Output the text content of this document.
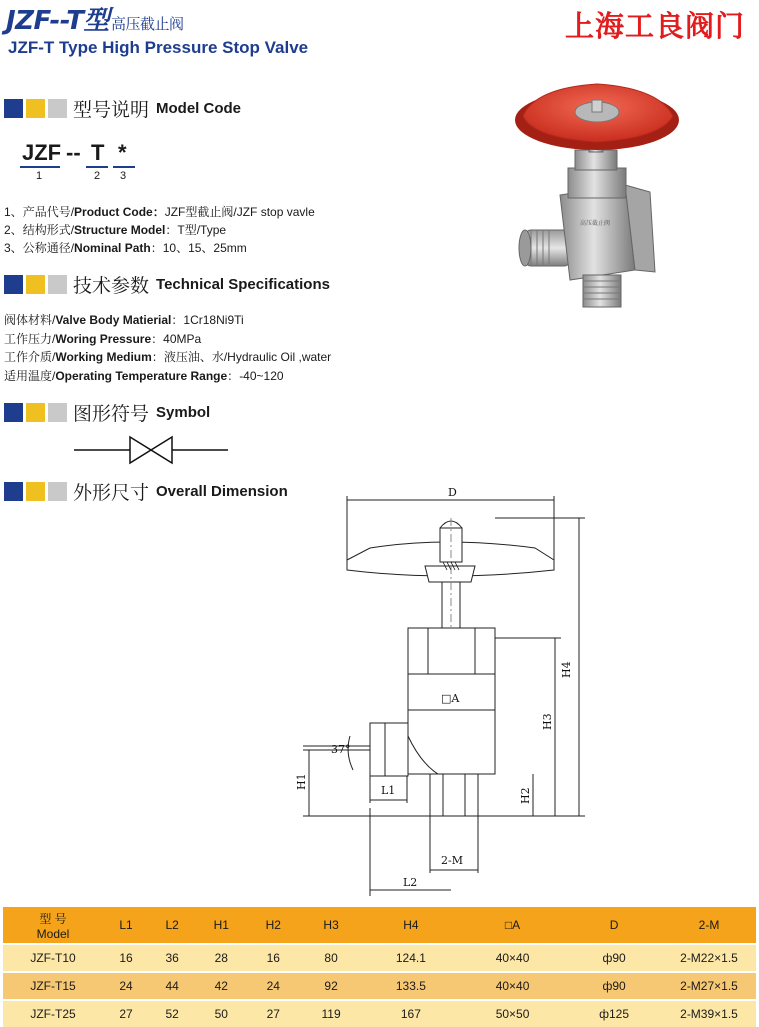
JZF--T型 高压截止阀
JZF-T Type High Pressure Stop Valve
上海工良阀门
型号说明 Model Code
JZF -- T *
1	2 3
1、产品代号/Product Code：JZF型截止阀/JZF stop vavle
2、结构形式/Structure Model：T型/Type
3、公称通径/Nominal Path：10、15、25mm
技术参数 Technical Specifications
阀体材料/Valve Body Matierial：1Cr18Ni9Ti
工作压力/Woring Pressure：40MPa
工作介质/Working Medium：液压油、水/Hydraulic Oil ,water
适用温度/Operating Temperature Range：-40~120
图形符号 Symbol
外形尺寸 Overall Dimension
高压截止阀
D
H4
□A
H3
37°
H1
L1	H2
2-M
L2
型 号
Model	L1	L2	H1	H2	H3	H4	□A	D	2-M
JZF-T10	16	36	28	16	80	124.1	40×40	ф90	2-M22×1.5
JZF-T15	24	44	42	24	92	133.5	40×40	ф90	2-M27×1.5
JZF-T25	27	52	50	27	119	167	50×50	ф125	2-M39×1.5
